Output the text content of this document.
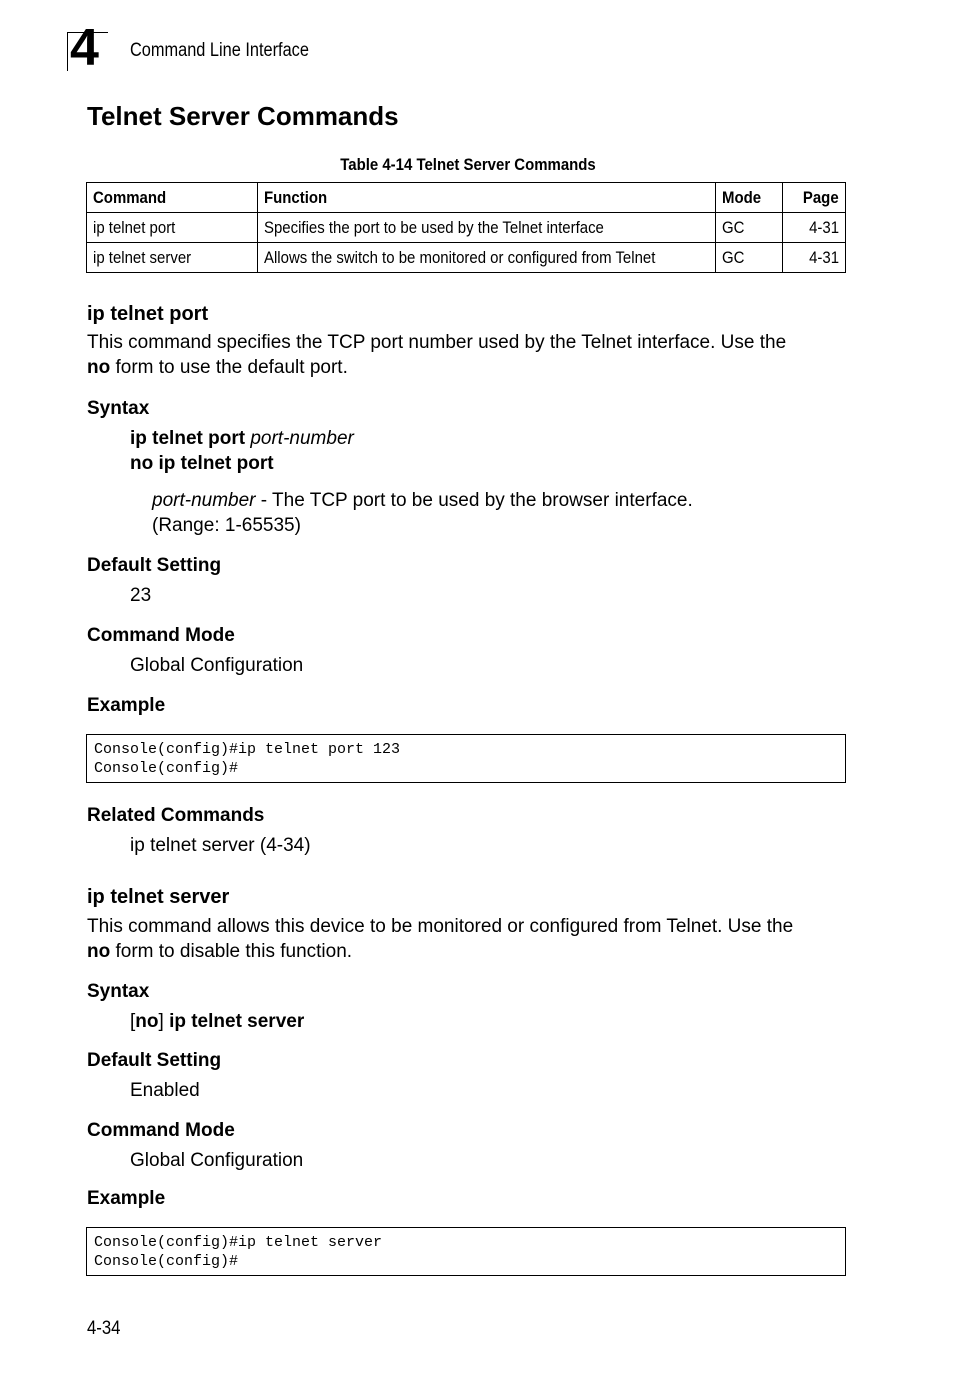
4 Command Line Interface
Telnet Server Commands
Table 4-14 Telnet Server Commands
Command	Function	Mode	Page
ip telnet port	Specifies the port to be used by the Telnet interface	GC	4-31
ip telnet server	Allows the switch to be monitored or configured from Telnet	GC	4-31
ip telnet port
This command specifies the TCP port number used by the Telnet interface. Use the
no form to use the default port.
Syntax
ip telnet port port-number
no ip telnet port
port-number - The TCP port to be used by the browser interface.
(Range: 1-65535)
Default Setting
23
Command Mode
Global Configuration
Example
Console(config)#ip telnet port 123
Console(config)#
Related Commands
ip telnet server (4-34)
ip telnet server
This command allows this device to be monitored or configured from Telnet. Use the
no form to disable this function.
Syntax
[no] ip telnet server
Default Setting
Enabled
Command Mode
Global Configuration
Example
Console(config)#ip telnet server
Console(config)#
4-34
